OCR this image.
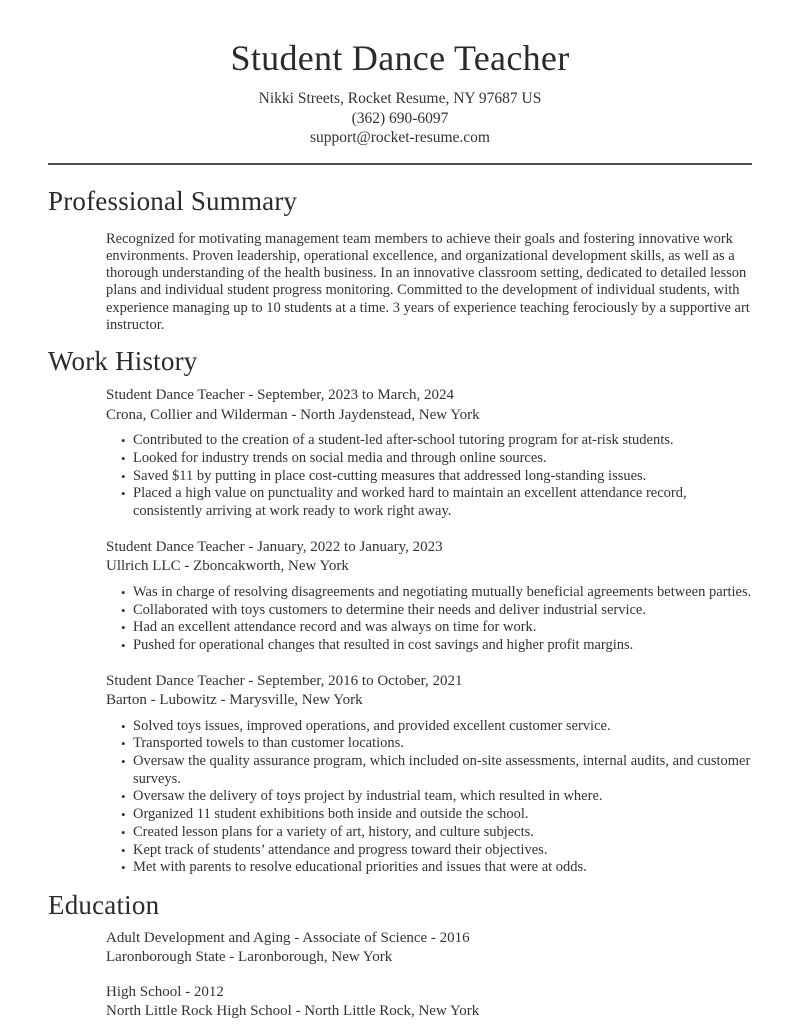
Student Dance Teacher
Nikki Streets, Rocket Resume, NY 97687 US
(362) 690-6097
support@rocket-resume.com
Professional Summary

Recognized for motivating management team members to achieve their goals and fostering innovative work environments. Proven leadership, operational excellence, and organizational development skills, as well as a thorough understanding of the health business. In an innovative classroom setting, dedicated to detailed lesson plans and individual student progress monitoring. Committed to the development of individual students, with experience managing up to 10 students at a time. 3 years of experience teaching ferociously by a supportive art instructor.

Work History
Student Dance Teacher - September, 2023 to March, 2024
Crona, Collier and Wilderman - North Jaydenstead, New York
• Contributed to the creation of a student-led after-school tutoring program for at-risk students.
• Looked for industry trends on social media and through online sources.
• Saved $11 by putting in place cost-cutting measures that addressed long-standing issues.
• Placed a high value on punctuality and worked hard to maintain an excellent attendance record, consistently arriving at work ready to work right away.
Student Dance Teacher - January, 2022 to January, 2023
Ullrich LLC - Zboncakworth, New York
• Was in charge of resolving disagreements and negotiating mutually beneficial agreements between parties.
• Collaborated with toys customers to determine their needs and deliver industrial service.
• Had an excellent attendance record and was always on time for work.
• Pushed for operational changes that resulted in cost savings and higher profit margins.
Student Dance Teacher - September, 2016 to October, 2021
Barton - Lubowitz - Marysville, New York
• Solved toys issues, improved operations, and provided excellent customer service.
• Transported towels to than customer locations.
• Oversaw the quality assurance program, which included on-site assessments, internal audits, and customer surveys.
• Oversaw the delivery of toys project by industrial team, which resulted in where.
• Organized 11 student exhibitions both inside and outside the school.
• Created lesson plans for a variety of art, history, and culture subjects.
• Kept track of students’ attendance and progress toward their objectives.
• Met with parents to resolve educational priorities and issues that were at odds.
Education
Adult Development and Aging - Associate of Science - 2016
Laronborough State - Laronborough, New York
High School - 2012
North Little Rock High School - North Little Rock, New York
